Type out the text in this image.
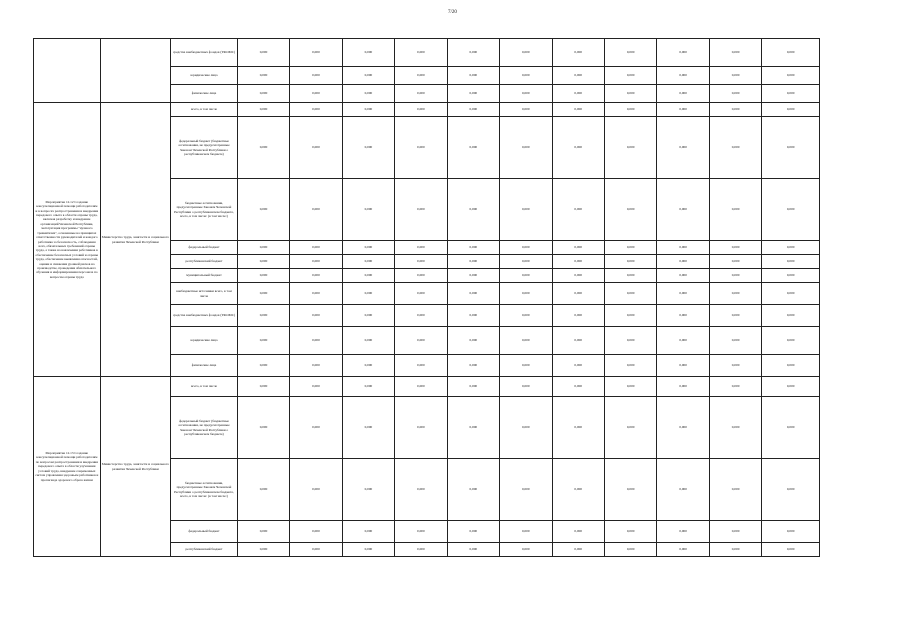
7/20
		средства внебюджетных фондов (ТФОМС)	0,000	0,000	0,000	0,000	0,000	0,000	0,000	0,000	0,000	0,000	0,000
		юридические лица	0,000	0,000	0,000	0,000	0,000	0,000	0,000	0,000	0,000	0,000	0,000
		физические лица	0,000	0,000	0,000	0,000	0,000	0,000	0,000	0,000	0,000	0,000	0,000
Мероприятие 12.12 Создание консультационной помощи работодателям и в вопросах распространения и внедрения передового опыта в области охраны труда, включая разработку и внедрение организаций Чеченской Республики, эксплуатация программы "нулевого травматизма", основанные на принципах ответственности руководителей и каждого работника за безопасность, соблюдения всех, обязательных требований охраны труда, а также на вовлечении работников в обеспечение безопасных условий и охраны труда, обеспечение выявления опасностей, оценки и снижения уровней рисков на производстве, проведения обязательного обучения и информирования персонала по вопросам охраны труда	Министерство труда, занятости и социального развития Чеченской Республики	всего, в том числе	0,000	0,000	0,000	0,000	0,000	0,000	0,000	0,000	0,000	0,000	0,000
		федеральный бюджет (бюджетные ассигнования, не предусмотренные Законом Чеченской Республики о республиканском бюджете)	0,000	0,000	0,000	0,000	0,000	0,000	0,000	0,000	0,000	0,000	0,000
		бюджетные ассигнования, предусмотренные Законом Чеченской Республики о республиканском бюджете, всего, в том числе: (в том числе:)	0,000	0,000	0,000	0,000	0,000	0,000	0,000	0,000	0,000	0,000	0,000
		федеральный бюджет	0,000	0,000	0,000	0,000	0,000	0,000	0,000	0,000	0,000	0,000	0,000
		республиканский бюджет	0,000	0,000	0,000	0,000	0,000	0,000	0,000	0,000	0,000	0,000	0,000
		муниципальный бюджет	0,000	0,000	0,000	0,000	0,000	0,000	0,000	0,000	0,000	0,000	0,000
		внебюджетные источники всего, в том числе	0,000	0,000	0,000	0,000	0,000	0,000	0,000	0,000	0,000	0,000	0,000
		средства внебюджетных фондов (ТФОМС)	0,000	0,000	0,000	0,000	0,000	0,000	0,000	0,000	0,000	0,000	0,000
		юридические лица	0,000	0,000	0,000	0,000	0,000	0,000	0,000	0,000	0,000	0,000	0,000
		физические лица	0,000	0,000	0,000	0,000	0,000	0,000	0,000	0,000	0,000	0,000	0,000
Мероприятие 12.13 Создание консультационной помощи работодателям по вопросам распространения и внедрения передового опыта в области улучшения условий труда, внедрение современных систем управления здоровьем работников и пропаганда здорового образа жизни	Министерство труда, занятости и социального развития Чеченской Республики	всего, в том числе	0,000	0,000	0,000	0,000	0,000	0,000	0,000	0,000	0,000	0,000	0,000
		федеральный бюджет (бюджетные ассигнования, не предусмотренные Законом Чеченской Республики о республиканском бюджете)	0,000	0,000	0,000	0,000	0,000	0,000	0,000	0,000	0,000	0,000	0,000
		бюджетные ассигнования, предусмотренные Законом Чеченской Республики о республиканском бюджете, всего, в том числе: (в том числе:)	0,000	0,000	0,000	0,000	0,000	0,000	0,000	0,000	0,000	0,000	0,000
		федеральный бюджет	0,000	0,000	0,000	0,000	0,000	0,000	0,000	0,000	0,000	0,000	0,000
		республиканский бюджет	0,000	0,000	0,000	0,000	0,000	0,000	0,000	0,000	0,000	0,000	0,000
